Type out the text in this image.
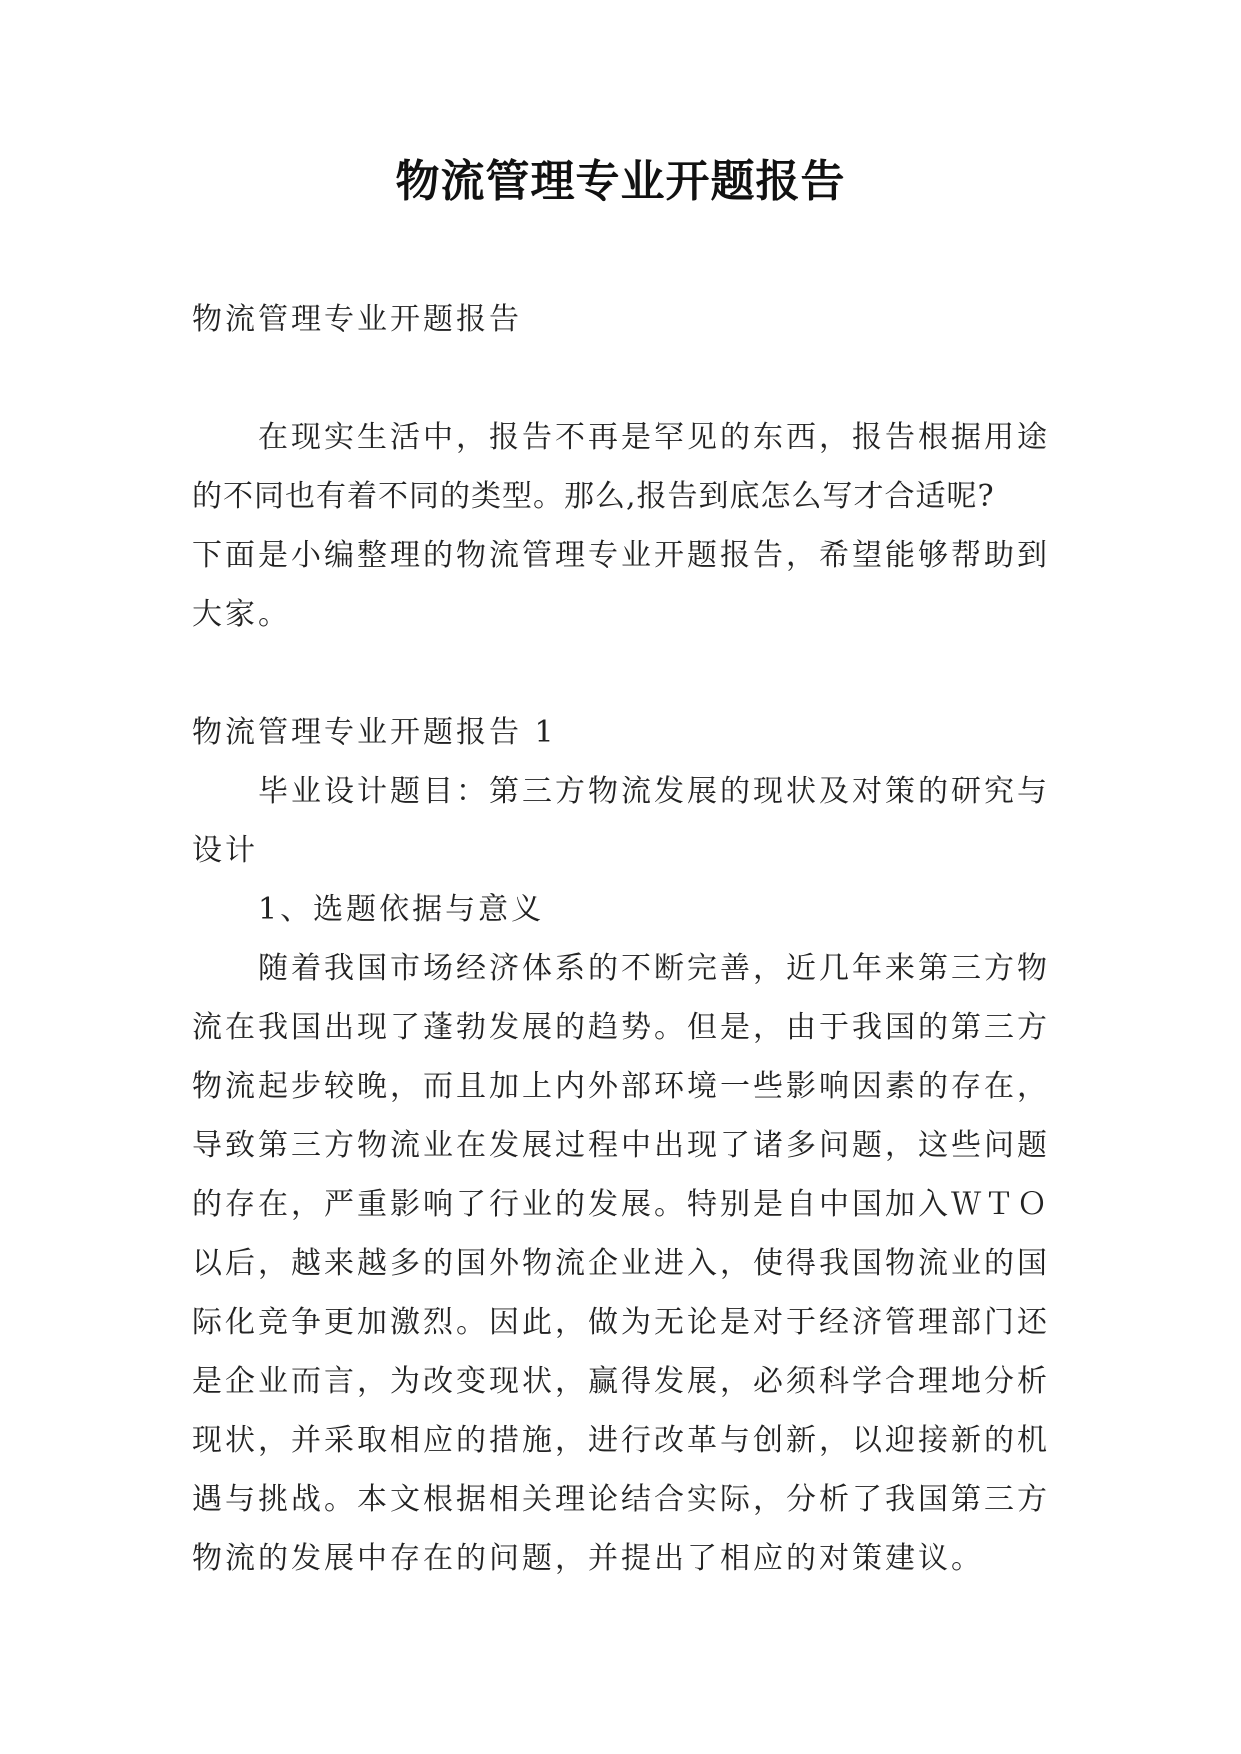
物流管理专业开题报告
物流管理专业开题报告
在现实生活中，报告不再是罕见的东西，报告根据用途
的不同也有着不同的类型。那么,报告到底怎么写才合适呢?
下面是小编整理的物流管理专业开题报告，希望能够帮助到
大家。
物流管理专业开题报告 1
毕业设计题目：第三方物流发展的现状及对策的研究与
设计
1、选题依据与意义
随着我国市场经济体系的不断完善，近几年来第三方物
流在我国出现了蓬勃发展的趋势。但是，由于我国的第三方
物流起步较晚，而且加上内外部环境一些影响因素的存在，
导致第三方物流业在发展过程中出现了诸多问题，这些问题
的存在，严重影响了行业的发展。特别是自中国加入ＷＴＯ
以后，越来越多的国外物流企业进入，使得我国物流业的国
际化竞争更加激烈。因此，做为无论是对于经济管理部门还
是企业而言，为改变现状，赢得发展，必须科学合理地分析
现状，并采取相应的措施，进行改革与创新，以迎接新的机
遇与挑战。本文根据相关理论结合实际，分析了我国第三方
物流的发展中存在的问题，并提出了相应的对策建议。
